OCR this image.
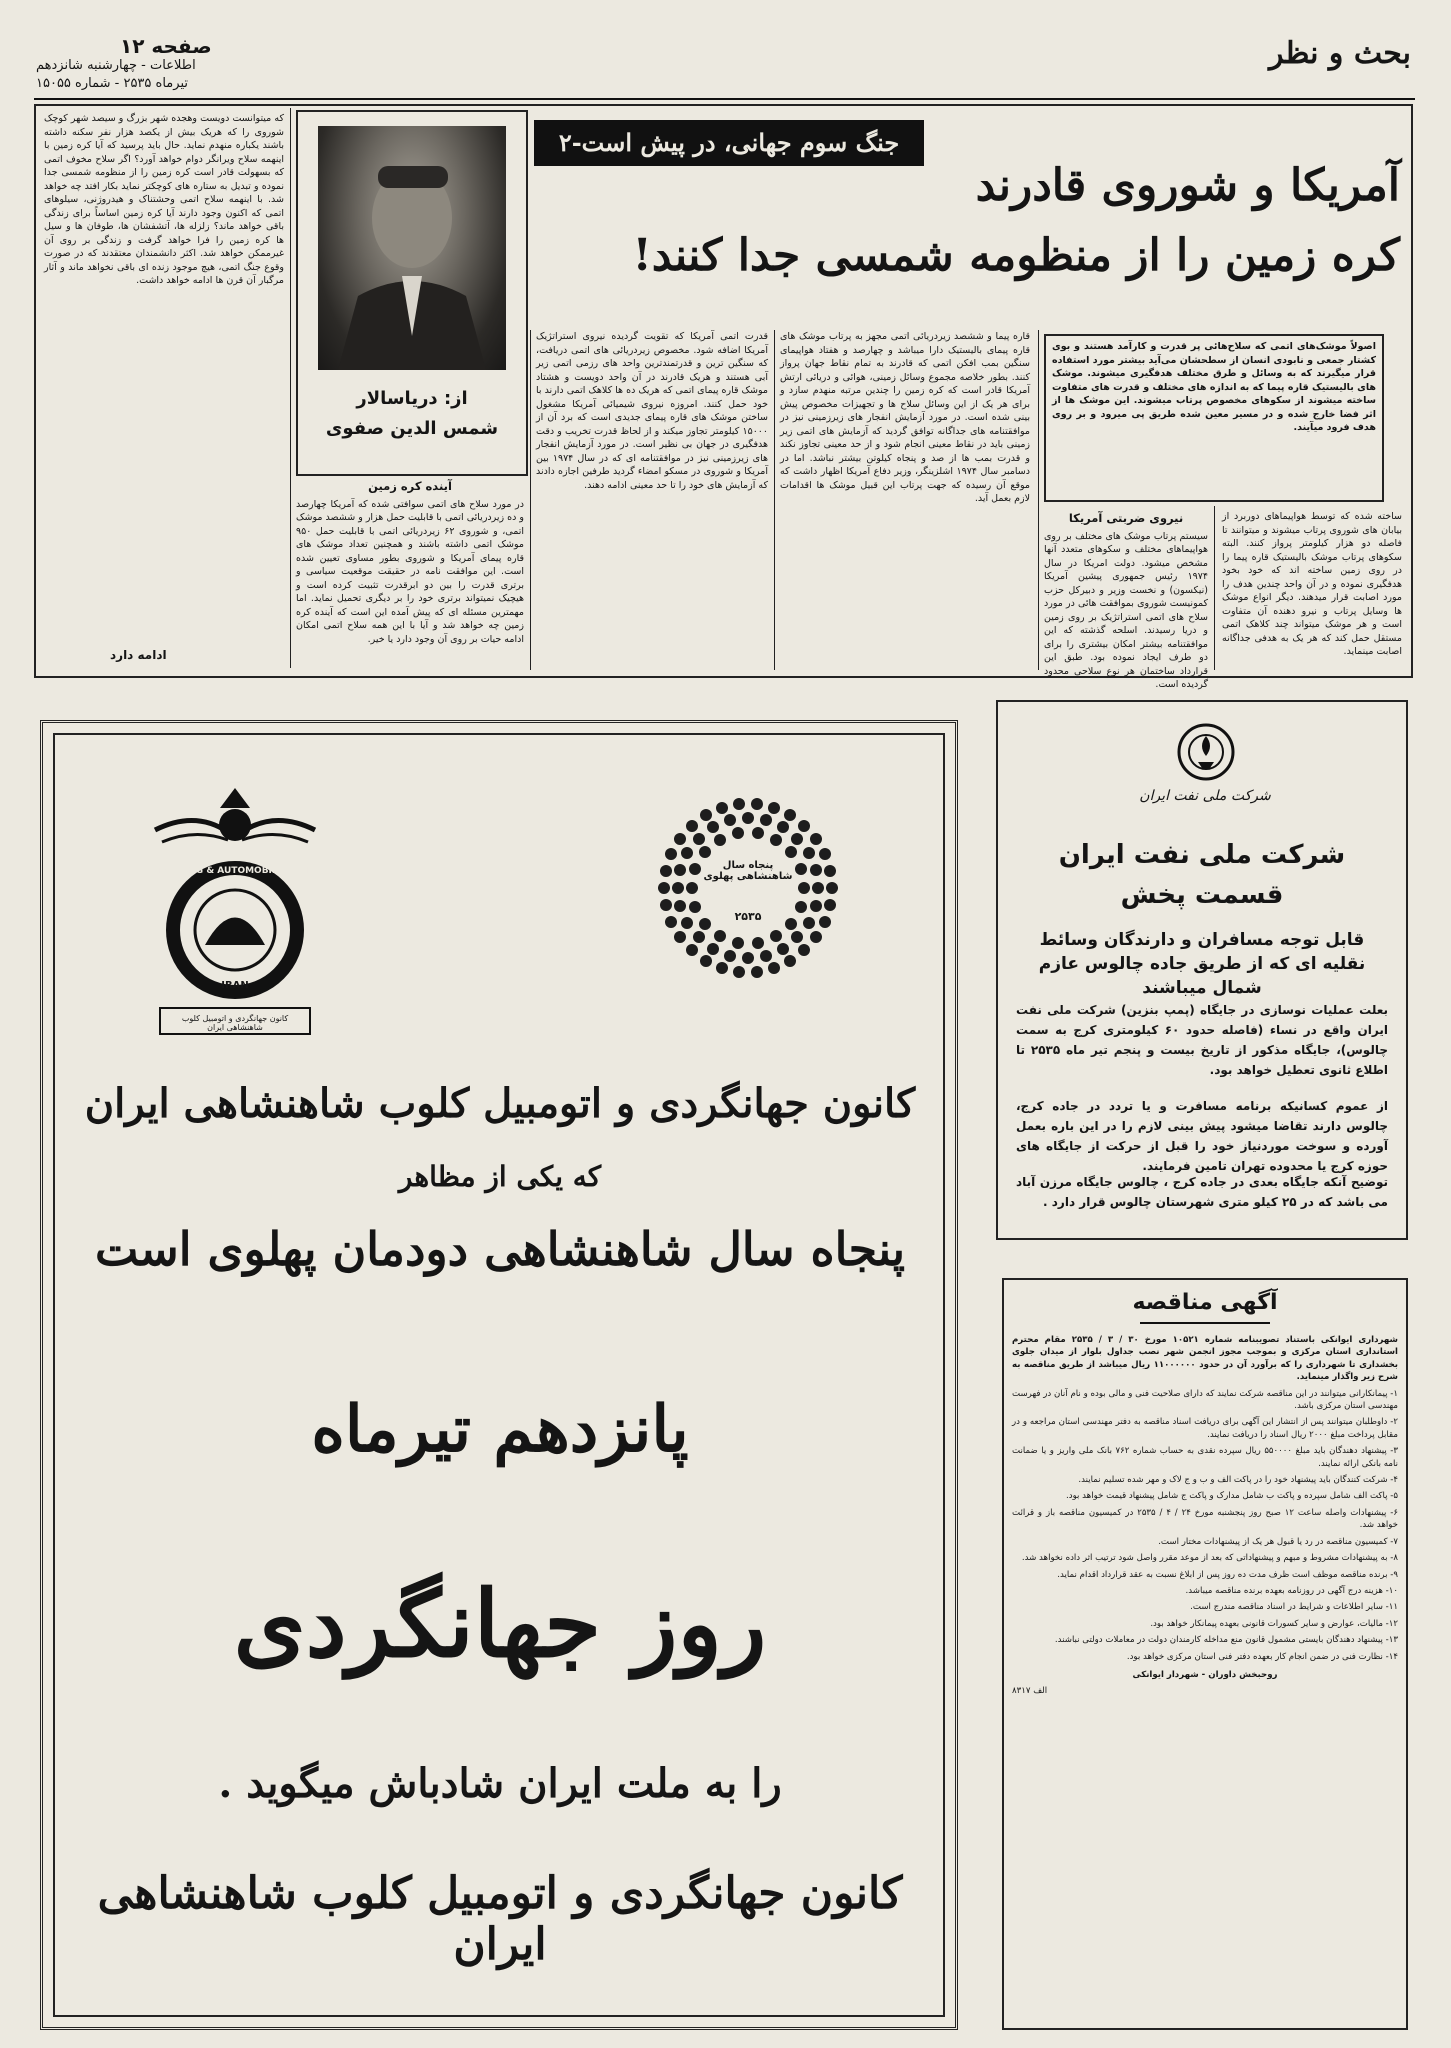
بحث و نظر
صفحه ۱۲
اطلاعات - چهارشنبه شانزدهم
تیرماه ۲۵۳۵ - شماره ۱۵۰۵۵

که میتوانست دویست وهجده شهر بزرگ و سیصد شهر کوچک شوروی را که هریک بیش از یکصد هزار نفر سکنه داشته باشند یکباره منهدم نماید. حال باید پرسید که آیا کره زمین با اینهمه سلاح ویرانگر دوام خواهد آورد؟ اگر سلاح مخوف اتمی که بسهولت قادر است کره زمین را از منظومه شمسی جدا نموده و تبدیل به ستاره های کوچکتر نماید بکار افتد چه خواهد شد. با اینهمه سلاح اتمی وحشتناک و هیدروژنی، سیلوهای اتمی که اکنون وجود دارند آیا کره زمین اساساً برای زندگی باقی خواهد ماند؟ زلزله ها، آتشفشان ها، طوفان ها و سیل ها کره زمین را فرا خواهد گرفت و زندگی بر روی آن غیرممکن خواهد شد. اکثر دانشمندان معتقدند که در صورت وقوع جنگ اتمی، هیچ موجود زنده ای باقی نخواهد ماند و آثار مرگبار آن قرن ها ادامه خواهد داشت.

ادامه دارد
از: دریاسالار
شمس الدین صفوی
آینده کره زمین

در مورد سلاح های اتمی سوافتی شده که آمریکا چهارصد و ده زیردریائی اتمی با قابلیت حمل هزار و ششصد موشک اتمی، و شوروی ۶۲ زیردریائی اتمی با قابلیت حمل ۹۵۰ موشک اتمی داشته باشند و همچنین تعداد موشک های قاره پیمای آمریکا و شوروی بطور مساوی تعیین شده است. این موافقت نامه در حقیقت موقعیت سیاسی و برتری قدرت را بین دو ابرقدرت تثبیت کرده است و هیچیک نمیتواند برتری خود را بر دیگری تحمیل نماید. اما مهمترین مسئله ای که پیش آمده این است که آینده کره زمین چه خواهد شد و آیا با این همه سلاح اتمی امکان ادامه حیات بر روی آن وجود دارد یا خیر.

جنگ سوم جهانی، در پیش است-۲
آمریکا و شوروی قادرند
کره زمین را از منظومه شمسی جدا کنند!

قدرت اتمی آمریکا که تقویت گردیده نیروی استراتژیک آمریکا اضافه شود. مخصوص زیردریائی های اتمی دریافت، که سنگین ترین و قدرتمندترین واحد های رزمی اتمی زیر آبی هستند و هریک قادرند در آن واحد دویست و هشتاد موشک قاره پیمای اتمی که هریک ده ها کلاهک اتمی دارند با خود حمل کنند. امروزه نیروی شیمیائی آمریکا مشغول ساختن موشک های قاره پیمای جدیدی است که برد آن از ۱۵۰۰۰ کیلومتر تجاوز میکند و از لحاظ قدرت تخریب و دقت هدفگیری در جهان بی نظیر است. در مورد آزمایش انفجار های زیرزمینی نیز در موافقتنامه ای که در سال ۱۹۷۴ بین آمریکا و شوروی در مسکو امضاء گردید طرفین اجازه دادند که آزمایش های خود را تا حد معینی ادامه دهند.

قاره پیما و ششصد زیردریائی اتمی مجهز به پرتاب موشک های قاره پیمای بالیستیک دارا میباشد و چهارصد و هفتاد هواپیمای سنگین بمب افکن اتمی که قادرند به تمام نقاط جهان پرواز کنند. بطور خلاصه مجموع وسائل زمینی، هوائی و دریائی ارتش آمریکا قادر است که کره زمین را چندین مرتبه منهدم سازد و برای هر یک از این وسائل سلاح ها و تجهیزات مخصوص پیش بینی شده است. در مورد آزمایش انفجار های زیرزمینی نیز در موافقتنامه های جداگانه توافق گردید که آزمایش های اتمی زیر زمینی باید در نقاط معینی انجام شود و از حد معینی تجاوز نکند و قدرت بمب ها از صد و پنجاه کیلوتن بیشتر نباشد. اما در دسامبر سال ۱۹۷۴ اشلزینگر، وزیر دفاع آمریکا اظهار داشت که موقع آن رسیده که جهت پرتاب این قبیل موشک ها اقدامات لازم بعمل آید.

اصولاً موشک‌های اتمی که سلاح‌هائی پر قدرت و کارآمد هستند و بوی کشتار جمعی و نابودی انسان از سطحشان می‌آید بیشتر مورد استفاده قرار میگیرند که به وسائل و طرق مختلف هدفگیری میشوند. موشک های بالیستیک قاره پیما که به اندازه های مختلف و قدرت های متفاوت ساخته میشوند از سکوهای مخصوص پرتاب میشوند. این موشک ها از اثر فضا خارج شده و در مسیر معین شده طریق پی میرود و بر روی هدف فرود میآیند.

ساخته شده که توسط هواپیماهای دوربرد از بیابان های شوروی پرتاب میشوند و میتوانند تا فاصله دو هزار کیلومتر پرواز کنند. البته سکوهای پرتاب موشک بالیستیک قاره پیما را در روی زمین ساخته اند که خود بخود هدفگیری نموده و در آن واحد چندین هدف را مورد اصابت قرار میدهند. دیگر انواع موشک ها وسایل پرتاب و نیرو دهنده آن متفاوت است و هر موشک میتواند چند کلاهک اتمی مستقل حمل کند که هر یک به هدفی جداگانه اصابت مینماید.

نیروی ضربتی آمریکا

سیستم پرتاب موشک های مختلف بر روی هواپیماهای مختلف و سکوهای متعدد آنها مشخص میشود. دولت امریکا در سال ۱۹۷۴ رئیس جمهوری پیشین آمریکا (نیکسون) و نخست وزیر و دبیرکل حزب کمونیست شوروی بموافقت هائی در مورد سلاح های اتمی استراتژیک بر روی زمین و دریا رسیدند. اسلحه گذشته که این موافقتنامه بیشتر امکان بیشتری را برای دو طرف ایجاد نموده بود. طبق این قرارداد ساختمان هر نوع سلاحی محدود گردیده است.

TOURING & AUTOMOBILE CLUB
IRAN
کانون جهانگردی و اتومبیل کلوب شاهنشاهی ایران
پنجاه سال شاهنشاهی پهلوی
۲۵۳۵
کانون جهانگردی و اتومبیل کلوب شاهنشاهی ایران
که یکی از مظاهر
پنجاه سال شاهنشاهی دودمان پهلوی است
پانزدهم تیرماه
روز جهانگردی
را به ملت ایران شادباش میگوید .
کانون جهانگردی و اتومبیل کلوب شاهنشاهی ایران
شرکت ملی نفت ایران
شرکت ملی نفت ایران
قسمت پخش
قابل توجه مسافران و دارندگان وسائط نقلیه ای که از طریق جاده چالوس عازم شمال میباشند
بعلت عملیات نوسازی در جایگاه (پمپ بنزین) شرکت ملی نفت ایران واقع در نساء (فاصله حدود ۶۰ کیلومتری کرج به سمت چالوس)، جایگاه مذکور از تاریخ بیست و پنجم تیر ماه ۲۵۳۵ تا اطلاع ثانوی تعطیل خواهد بود.
از عموم کسانیکه برنامه مسافرت و یا تردد در جاده کرج، چالوس دارند تقاضا میشود پیش بینی لازم را در این باره بعمل آورده و سوخت موردنیاز خود را قبل از حرکت از جایگاه های حوزه کرج یا محدوده تهران تامین فرمایند.
توضیح آنکه جایگاه بعدی در جاده کرج ، چالوس جایگاه مرزن آباد می باشد که در ۲۵ کیلو متری شهرستان چالوس قرار دارد .
آگهی مناقصه

شهرداری ایوانکی باستناد تصویبنامه شماره ۱۰۵۲۱ مورخ ۳۰ / ۳ / ۲۵۳۵ مقام محترم استانداری استان مرکزی و بموجب مجوز انجمن شهر نصب جداول بلوار از میدان جلوی بخشداری تا شهرداری را که برآورد آن در حدود ۱۱۰۰۰۰۰۰ ریال میباشد از طریق مناقصه به شرح زیر واگذار مینماید.

۱- پیمانکارانی میتوانند در این مناقصه شرکت نمایند که دارای صلاحیت فنی و مالی بوده و نام آنان در فهرست مهندسی استان مرکزی باشد.

۲- داوطلبان میتوانند پس از انتشار این آگهی برای دریافت اسناد مناقصه به دفتر مهندسی استان مراجعه و در مقابل پرداخت مبلغ ۲۰۰۰ ریال اسناد را دریافت نمایند.

۳- پیشنهاد دهندگان باید مبلغ ۵۵۰۰۰۰ ریال سپرده نقدی به حساب شماره ۷۶۲ بانک ملی واریز و یا ضمانت نامه بانکی ارائه نمایند.

۴- شرکت کنندگان باید پیشنهاد خود را در پاکت الف و ب و ج لاک و مهر شده تسلیم نمایند.

۵- پاکت الف شامل سپرده و پاکت ب شامل مدارک و پاکت ج شامل پیشنهاد قیمت خواهد بود.

۶- پیشنهادات واصله ساعت ۱۲ صبح روز پنجشنبه مورخ ۲۴ / ۴ / ۲۵۳۵ در کمیسیون مناقصه باز و قرائت خواهد شد.

۷- کمیسیون مناقصه در رد یا قبول هر یک از پیشنهادات مختار است.

۸- به پیشنهادات مشروط و مبهم و پیشنهاداتی که بعد از موعد مقرر واصل شود ترتیب اثر داده نخواهد شد.

۹- برنده مناقصه موظف است ظرف مدت ده روز پس از ابلاغ نسبت به عقد قرارداد اقدام نماید.

۱۰- هزینه درج آگهی در روزنامه بعهده برنده مناقصه میباشد.

۱۱- سایر اطلاعات و شرایط در اسناد مناقصه مندرج است.

۱۲- مالیات، عوارض و سایر کسورات قانونی بعهده پیمانکار خواهد بود.

۱۳- پیشنهاد دهندگان بایستی مشمول قانون منع مداخله کارمندان دولت در معاملات دولتی نباشند.

۱۴- نظارت فنی در ضمن انجام کار بعهده دفتر فنی استان مرکزی خواهد بود.

روحبخش داوران - شهردار ایوانکی

الف ۸۳۱۷
